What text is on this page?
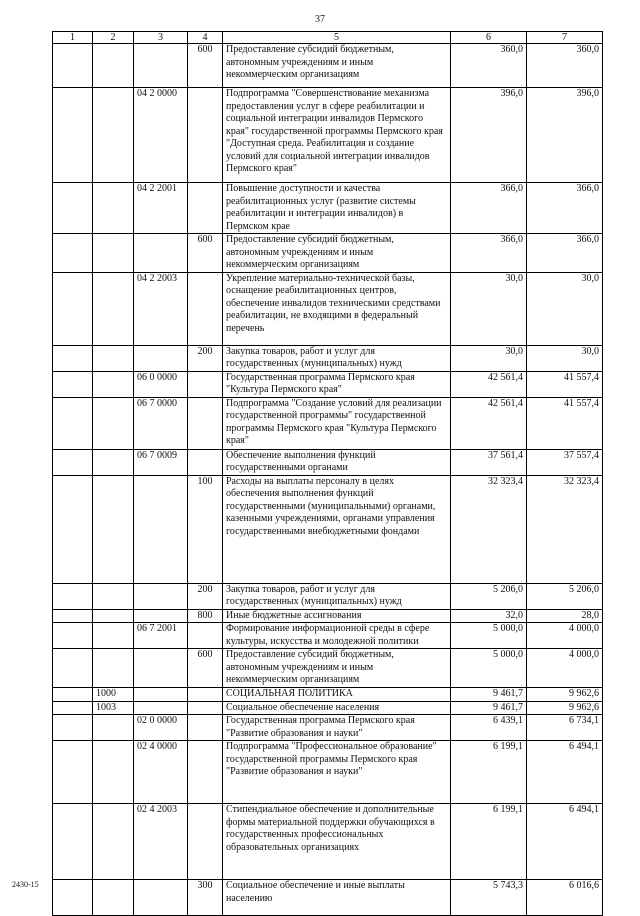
37
1	2	3	4	5	6	7
			600	Предоставление субсидий бюджетным, автономным учреждениям и иным некоммерческим организациям	360,0	360,0
		04 2 0000		Подпрограмма "Совершенствование механизма предоставления услуг в сфере реабилитации и социальной интеграции инвалидов Пермского края" государственной программы Пермского края "Доступная среда. Реабилитация и создание условий для социальной интеграции инвалидов Пермского края"	396,0	396,0
		04 2 2001		Повышение доступности и качества реабилитационных услуг (развитие системы реабилитации и интеграции инвалидов) в Пермском крае	366,0	366,0
			600	Предоставление субсидий бюджетным, автономным учреждениям и иным некоммерческим организациям	366,0	366,0
		04 2 2003		Укрепление материально-технической базы, оснащение реабилитационных центров, обеспечение инвалидов техническими средствами реабилитации, не входящими в федеральный перечень	30,0	30,0
			200	Закупка товаров, работ и услуг для государственных (муниципальных) нужд	30,0	30,0
		06 0 0000		Государственная программа Пермского края "Культура Пермского края"	42 561,4	41 557,4
		06 7 0000		Подпрограмма "Создание условий для реализации государственной программы" государственной программы Пермского края "Культура Пермского края"	42 561,4	41 557,4
		06 7 0009		Обеспечение выполнения функций государственными органами	37 561,4	37 557,4
			100	Расходы на выплаты персоналу в целях обеспечения выполнения функций государственными (муниципальными) органами, казенными учреждениями, органами управления государственными внебюджетными фондами	32 323,4	32 323,4
			200	Закупка товаров, работ и услуг для государственных (муниципальных) нужд	5 206,0	5 206,0
			800	Иные бюджетные ассигнования	32,0	28,0
		06 7 2001		Формирование информационной среды в сфере культуры, искусства и молодежной политики	5 000,0	4 000,0
			600	Предоставление субсидий бюджетным, автономным учреждениям и иным некоммерческим организациям	5 000,0	4 000,0
	1000			СОЦИАЛЬНАЯ ПОЛИТИКА	9 461,7	9 962,6
	1003			Социальное обеспечение населения	9 461,7	9 962,6
		02 0 0000		Государственная программа Пермского края "Развитие образования и науки"	6 439,1	6 734,1
		02 4 0000		Подпрограмма "Профессиональное образование" государственной программы Пермского края "Развитие образования и науки"	6 199,1	6 494,1
		02 4 2003		Стипендиальное обеспечение и дополнительные формы материальной поддержки обучающихся в государственных профессиональных образовательных организациях	6 199,1	6 494,1
			300	Социальное обеспечение и иные выплаты населению	5 743,3	6 016,6
2430-15
